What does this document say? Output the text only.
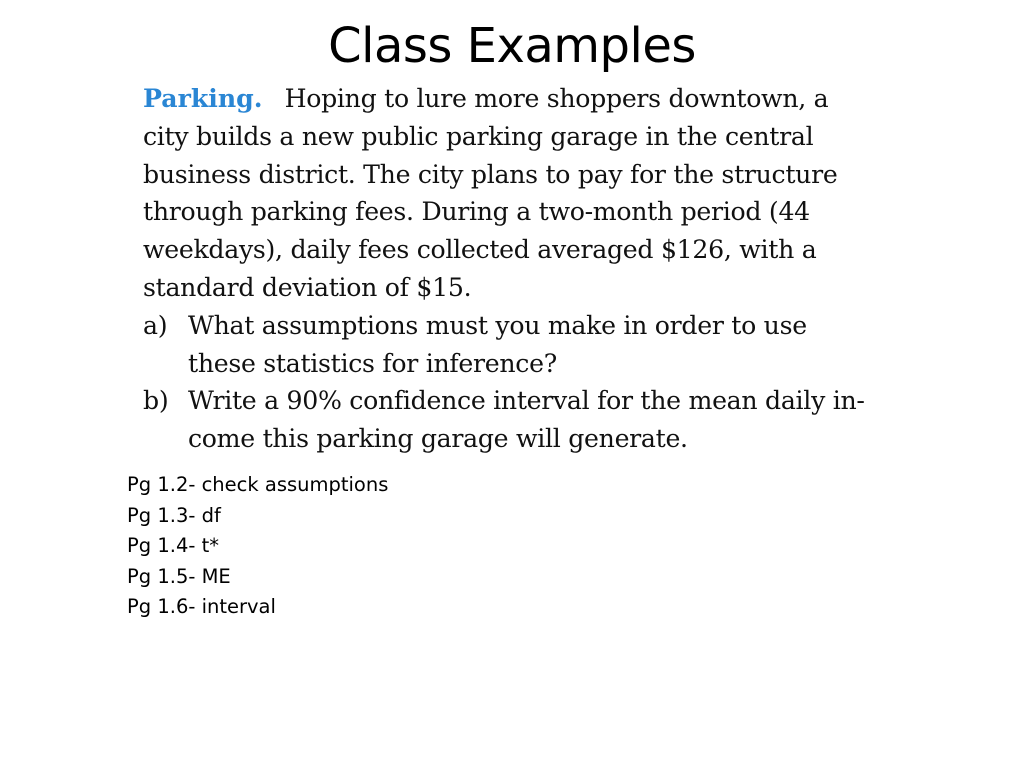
Class Examples
Parking. Hoping to lure more shoppers downtown, a
city builds a new public parking garage in the central
business district. The city plans to pay for the structure
through parking fees. During a two-month period (44
weekdays), daily fees collected averaged $126, with a
standard deviation of $15.
a) What assumptions must you make in order to use
these statistics for inference?
b) Write a 90% confidence interval for the mean daily in-
come this parking garage will generate.
Pg 1.2- check assumptions
Pg 1.3- df
Pg 1.4- t*
Pg 1.5- ME
Pg 1.6- interval
